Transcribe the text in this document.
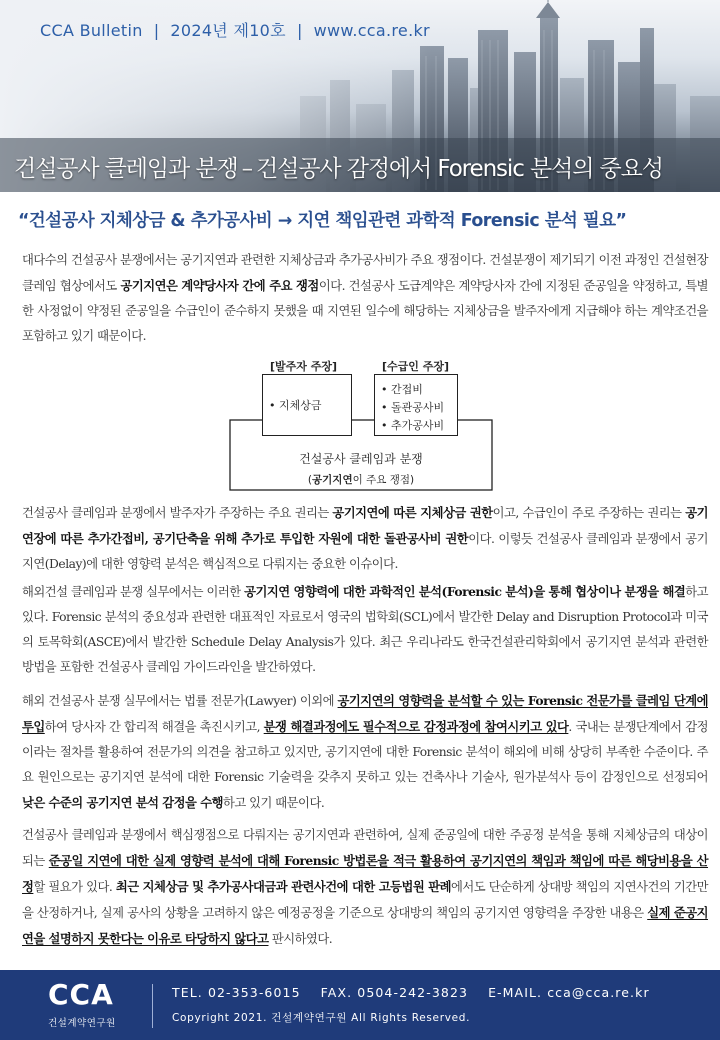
CCA Bulletin | 2024년 제10호 | www.cca.re.kr
건설공사 클레임과 분쟁 – 건설공사 감정에서 Forensic 분석의 중요성
“건설공사 지체상금 & 추가공사비 → 지연 책임관련 과학적 Forensic 분석 필요”
대다수의 건설공사 분쟁에서는 공기지연과 관련한 지체상금과 추가공사비가 주요 쟁점이다. 건설분쟁이 제기되기 이전 과정인 건설현장 클레임 협상에서도 공기지연은 계약당사자 간에 주요 쟁점이다. 건설공사 도급계약은 계약당사자 간에 지정된 준공일을 약정하고, 특별한 사정없이 약정된 준공일을 수급인이 준수하지 못했을 때 지연된 일수에 해당하는 지체상금을 발주자에게 지급해야 하는 계약조건을 포함하고 있기 때문이다.
[발주자 주장]	[수급인 주장]
• 지체상금
• 간접비
• 돌관공사비
• 추가공사비
건설공사 클레임과 분쟁
(공기지연이 주요 쟁점)
건설공사 클레임과 분쟁에서 발주자가 주장하는 주요 권리는 공기지연에 따른 지체상금 권한이고, 수급인이 주로 주장하는 권리는 공기연장에 따른 추가간접비, 공기단축을 위해 추가로 투입한 자원에 대한 돌관공사비 권한이다. 이렇듯 건설공사 클레임과 분쟁에서 공기지연(Delay)에 대한 영향력 분석은 핵심적으로 다뤄지는 중요한 이슈이다.
해외건설 클레임과 분쟁 실무에서는 이러한 공기지연 영향력에 대한 과학적인 분석(Forensic 분석)을 통해 협상이나 분쟁을 해결하고 있다. Forensic 분석의 중요성과 관련한 대표적인 자료로서 영국의 법학회(SCL)에서 발간한 Delay and Disruption Protocol과 미국의 토목학회(ASCE)에서 발간한 Schedule Delay Analysis가 있다. 최근 우리나라도 한국건설관리학회에서 공기지연 분석과 관련한 방법을 포함한 건설공사 클레임 가이드라인을 발간하였다.
해외 건설공사 분쟁 실무에서는 법률 전문가(Lawyer) 이외에 공기지연의 영향력을 분석할 수 있는 Forensic 전문가를 클레임 단계에 투입하여 당사자 간 합리적 해결을 촉진시키고, 분쟁 해결과정에도 필수적으로 감정과정에 참여시키고 있다. 국내는 분쟁단계에서 감정이라는 절차를 활용하여 전문가의 의견을 참고하고 있지만, 공기지연에 대한 Forensic 분석이 해외에 비해 상당히 부족한 수준이다. 주요 원인으로는 공기지연 분석에 대한 Forensic 기술력을 갖추지 못하고 있는 건축사나 기술사, 원가분석사 등이 감정인으로 선정되어 낮은 수준의 공기지연 분석 감정을 수행하고 있기 때문이다.
건설공사 클레임과 분쟁에서 핵심쟁점으로 다뤄지는 공기지연과 관련하여, 실제 준공일에 대한 주공정 분석을 통해 지체상금의 대상이 되는 준공일 지연에 대한 실제 영향력 분석에 대해 Forensic 방법론을 적극 활용하여 공기지연의 책임과 책임에 따른 해당비용을 산정할 필요가 있다. 최근 지체상금 및 추가공사대금과 관련사건에 대한 고등법원 판례에서도 단순하게 상대방 책임의 지연사건의 기간만을 산정하거나, 실제 공사의 상황을 고려하지 않은 예정공정을 기준으로 상대방의 책임의 공기지연 영향력을 주장한 내용은 실제 준공지연을 설명하지 못한다는 이유로 타당하지 않다고 판시하였다.
CCA
건설계약연구원
TEL. 02-353-6015 FAX. 0504-242-3823 E-MAIL. cca@cca.re.kr
Copyright 2021. 건설계약연구원 All Rights Reserved.
